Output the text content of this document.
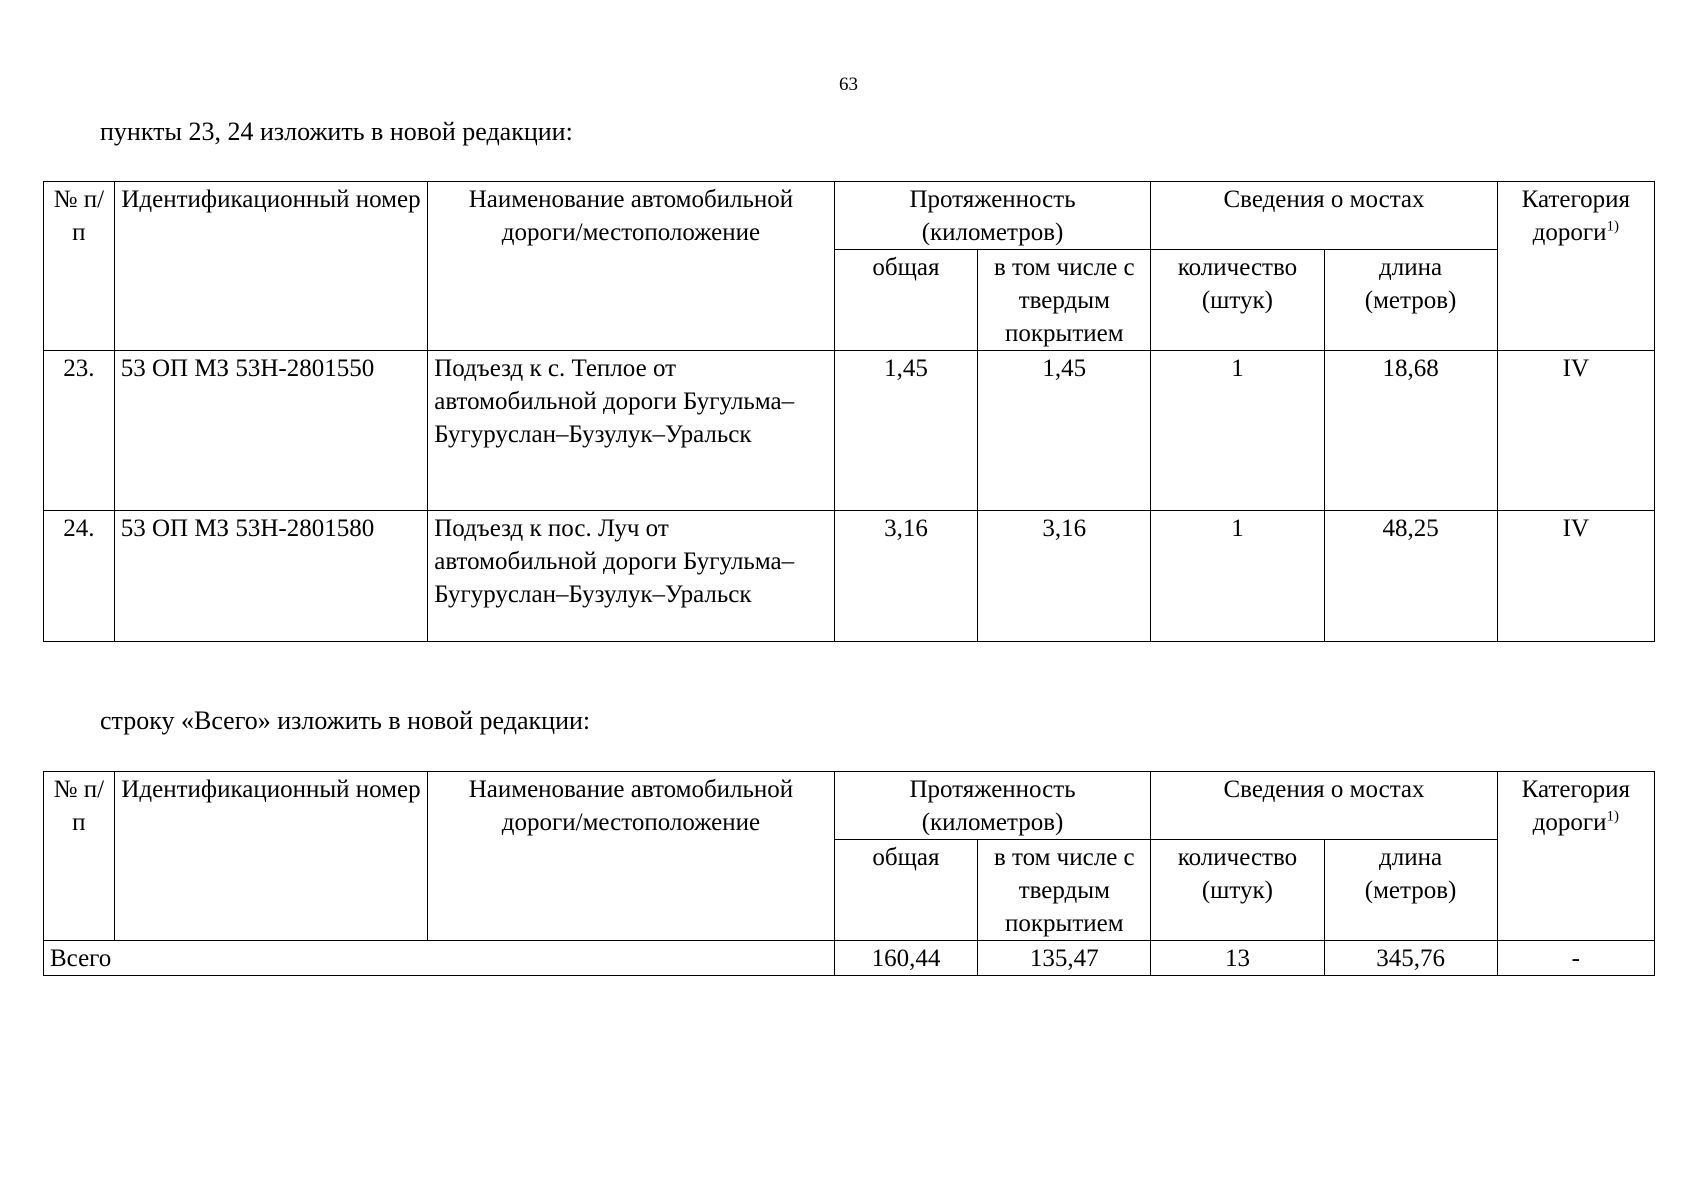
63
пункты 23, 24 изложить в новой редакции:
№ п/п	Идентификационный номер	Наименование автомобильной дороги/местоположение	Протяженность (километров)		Сведения о мостах		Категория дороги$^{1)}$
			общая	в том числе с твердым покрытием	количество (штук)	длина (метров)	
23.	53 ОП МЗ 53Н-2801550	Подъезд к с. Теплое от автомобильной дороги Бугульма–Бугуруслан–Бузулук–Уральск	1,45	1,45	1	18,68	IV
24.	53 ОП МЗ 53Н-2801580	Подъезд к пос. Луч от автомобильной дороги Бугульма–Бугуруслан–Бузулук–Уральск	3,16	3,16	1	48,25	IV
строку «Всего» изложить в новой редакции:
№ п/п	Идентификационный номер	Наименование автомобильной дороги/местоположение	Протяженность (километров)		Сведения о мостах		Категория дороги$^{1)}$
			общая	в том числе с твердым покрытием	количество (штук)	длина (метров)	
Всего			160,44	135,47	13	345,76	-
